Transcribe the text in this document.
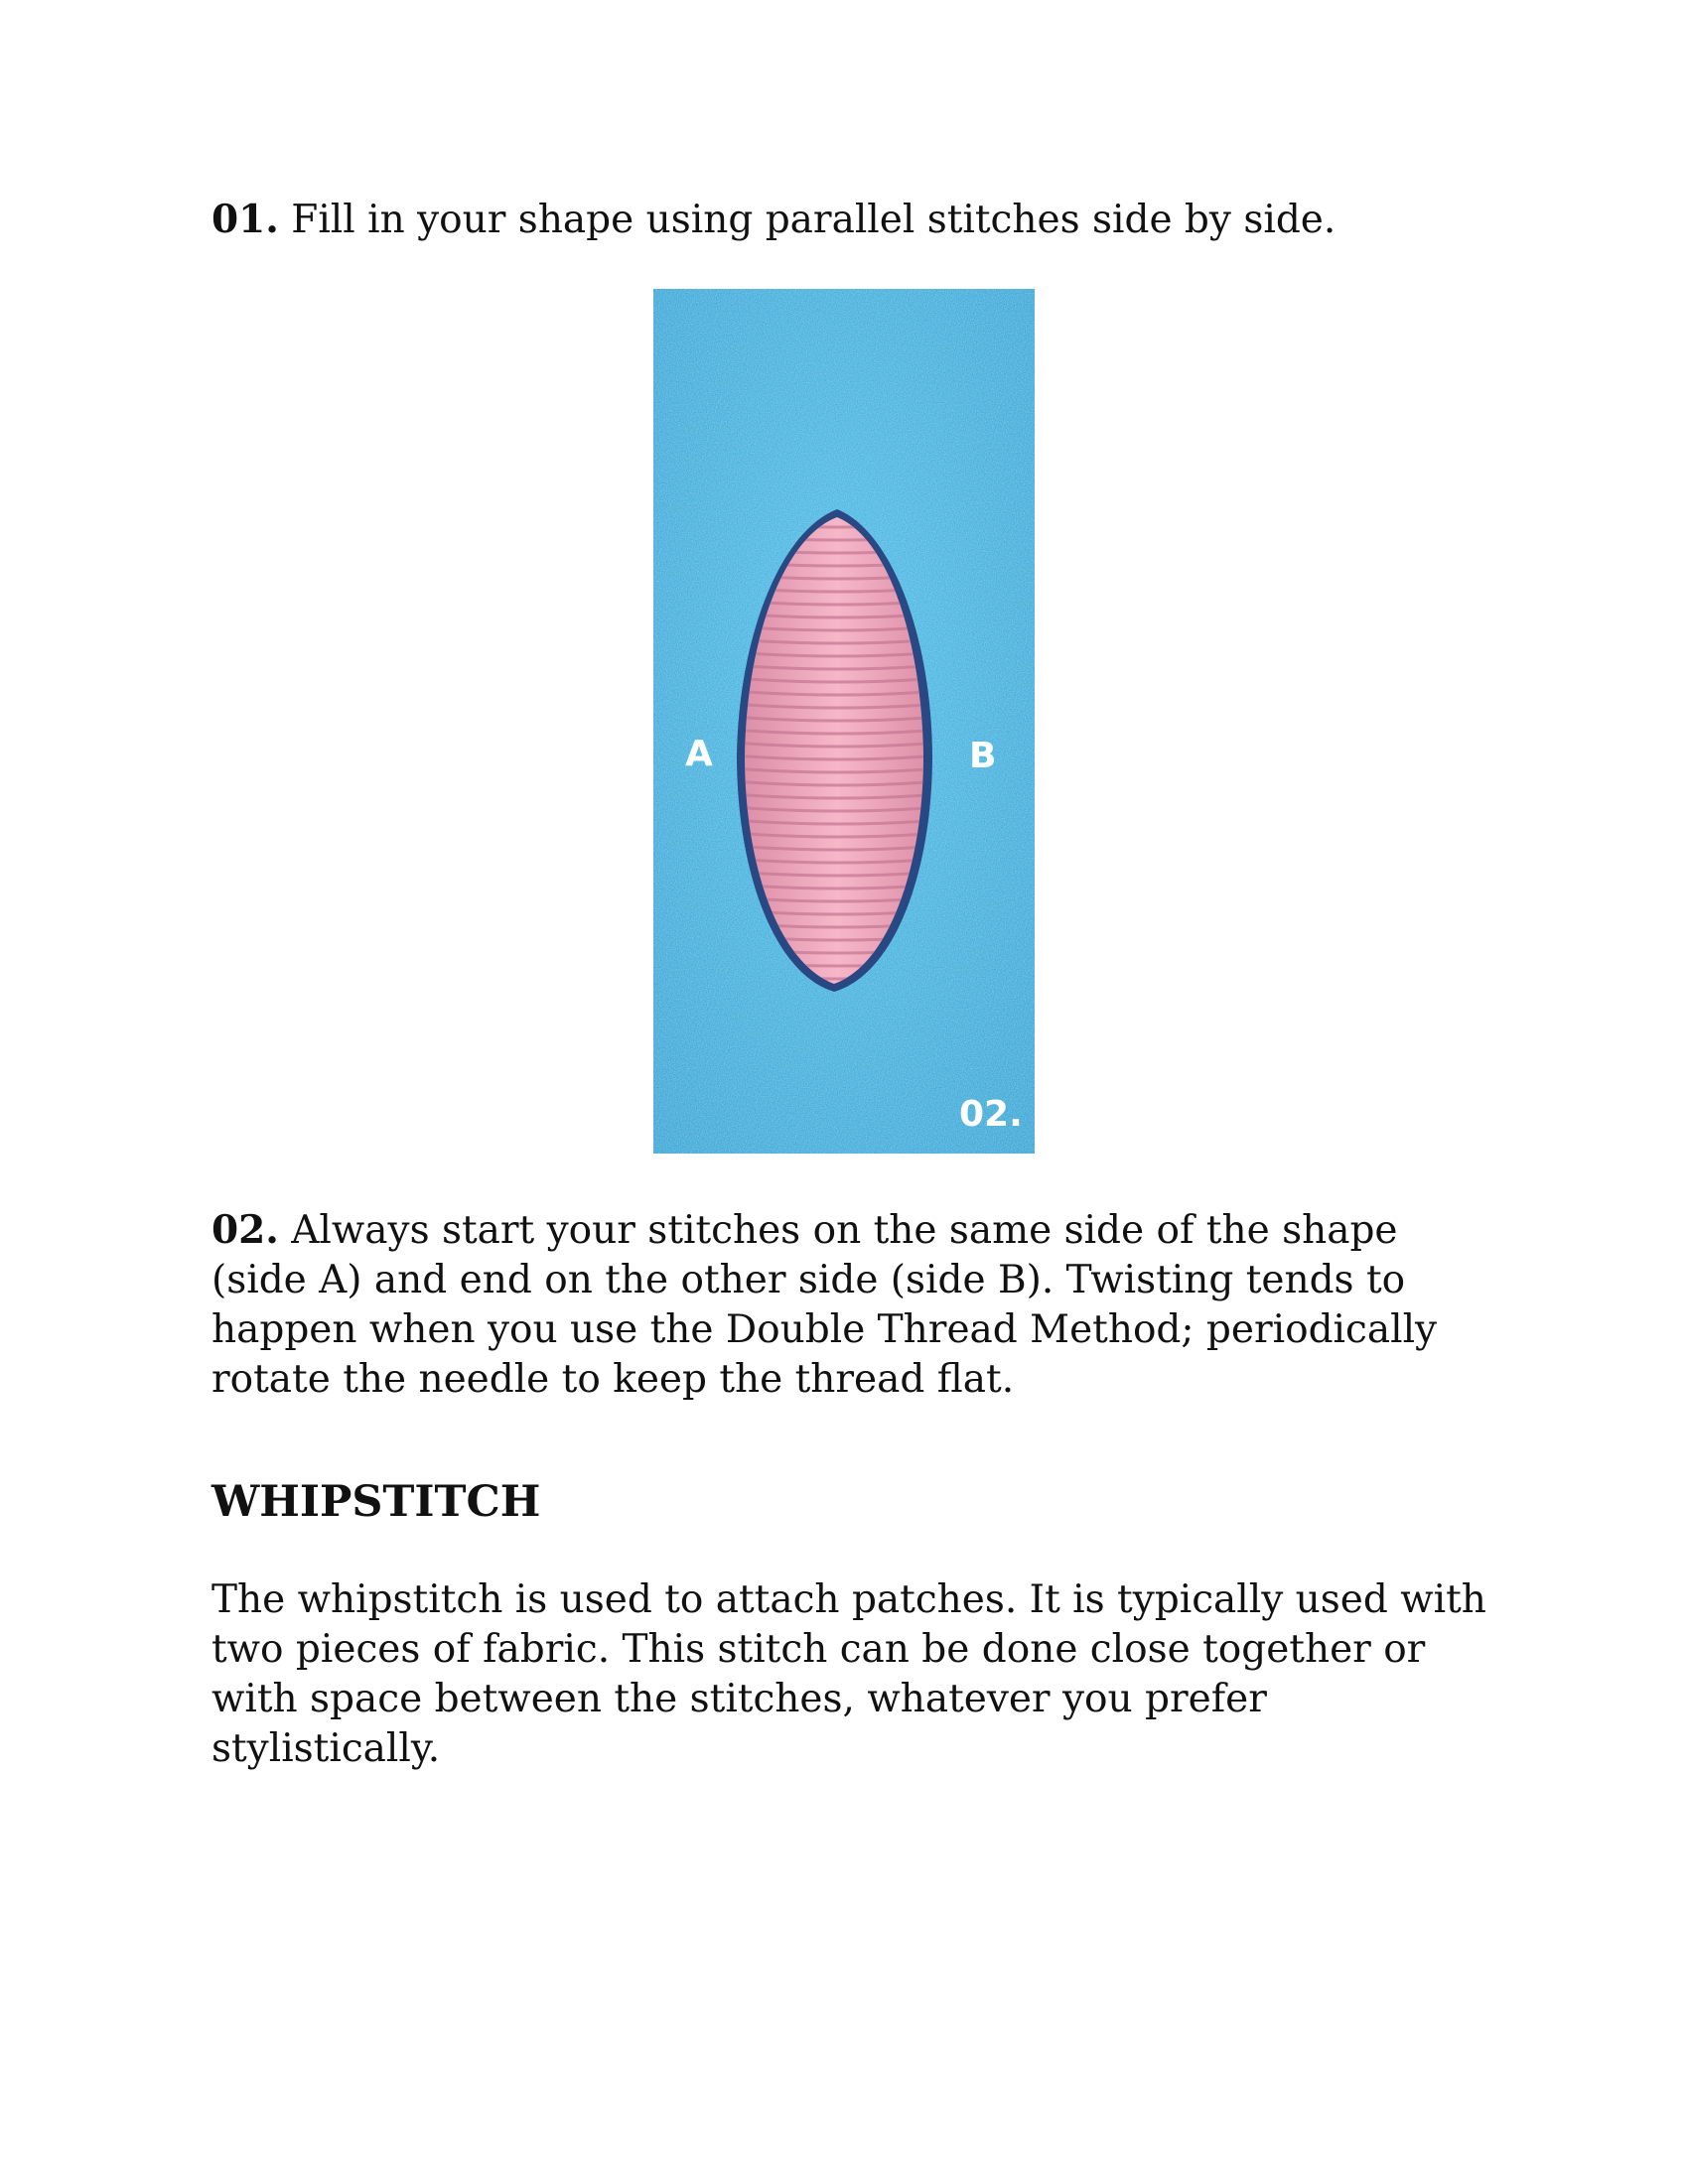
01. Fill in your shape using parallel stitches side by side.

A	B
02.

02. Always start your stitches on the same side of the shape (side A) and end on the other side (side B). Twisting tends to happen when you use the Double Thread Method; periodically rotate the needle to keep the thread flat.

WHIPSTITCH

The whipstitch is used to attach patches. It is typically used with two pieces of fabric. This stitch can be done close together or with space between the stitches, whatever you prefer stylistically.
